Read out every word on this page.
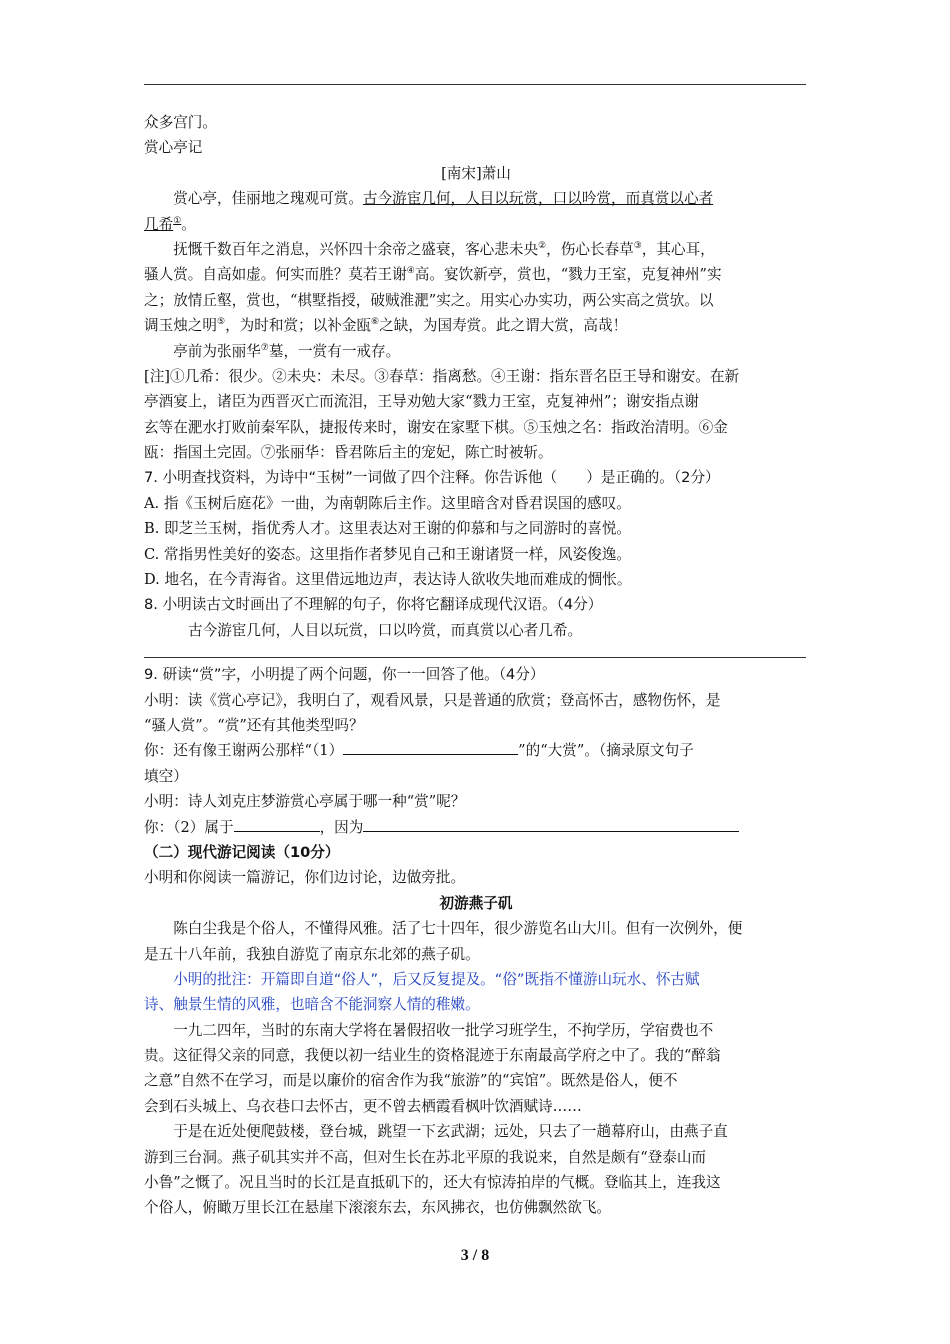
众多宫门。
赏心亭记
[南宋]萧山
赏心亭，佳丽地之瑰观可赏。古今游宦几何，人目以玩赏，口以吟赏，而真赏以心者
几希①。
抚慨千数百年之消息，兴怀四十余帝之盛衰，客心悲未央②，伤心长春草③，其心耳，
骚人赏。自高如虚。何实而胜？莫若王谢④高。宴饮新亭，赏也，“戮力王室，克复神州”实
之；放情丘壑，赏也，“棋墅指授，破贼淮淝”实之。用实心办实功，两公实高之赏欤。以
调玉烛之明⑤，为时和赏；以补金瓯⑥之缺，为国寿赏。此之谓大赏，高哉！
亭前为张丽华⑦墓，一赏有一戒存。
[注]①几希：很少。②未央：未尽。③春草：指离愁。④王谢：指东晋名臣王导和谢安。在新
亭酒宴上，诸臣为西晋灭亡而流泪，王导劝勉大家“戮力王室，克复神州”；谢安指点谢
玄等在淝水打败前秦军队，捷报传来时，谢安在家墅下棋。⑤玉烛之名：指政治清明。⑥金
瓯：指国土完固。⑦张丽华：昏君陈后主的宠妃，陈亡时被斩。
7. 小明查找资料，为诗中“玉树”一词做了四个注释。你告诉他（　　）是正确的。（2分）
A. 指《玉树后庭花》一曲，为南朝陈后主作。这里暗含对昏君误国的感叹。
B. 即芝兰玉树，指优秀人才。这里表达对王谢的仰慕和与之同游时的喜悦。
C. 常指男性美好的姿态。这里指作者梦见自己和王谢诸贤一样，风姿俊逸。
D. 地名，在今青海省。这里借远地边声，表达诗人欲收失地而难成的惆怅。
8. 小明读古文时画出了不理解的句子，你将它翻译成现代汉语。（4分）
古今游宦几何，人目以玩赏，口以吟赏，而真赏以心者几希。
9. 研读“赏”字，小明提了两个问题，你一一回答了他。（4分）
小明：读《赏心亭记》，我明白了，观看风景，只是普通的欣赏；登高怀古，感物伤怀，是
“骚人赏”。“赏”还有其他类型吗？
你：还有像王谢两公那样“（1）	”的“大赏”。（摘录原文句子
填空）
小明：诗人刘克庄梦游赏心亭属于哪一种“赏”呢？
你：（2）属于	，因为
（二）现代游记阅读（10分）
小明和你阅读一篇游记，你们边讨论，边做旁批。
初游燕子矶
陈白尘我是个俗人，不懂得风雅。活了七十四年，很少游览名山大川。但有一次例外，便
是五十八年前，我独自游览了南京东北郊的燕子矶。
小明的批注：开篇即自道“俗人”，后又反复提及。“俗”既指不懂游山玩水、怀古赋
诗、触景生情的风雅，也暗含不能洞察人情的稚嫩。
一九二四年，当时的东南大学将在暑假招收一批学习班学生，不拘学历，学宿费也不
贵。这征得父亲的同意，我便以初一结业生的资格混迹于东南最高学府之中了。我的“醉翁
之意”自然不在学习，而是以廉价的宿舍作为我“旅游”的“宾馆”。既然是俗人，便不
会到石头城上、乌衣巷口去怀古，更不曾去栖霞看枫叶饮酒赋诗……
于是在近处便爬鼓楼，登台城，跳望一下玄武湖；远处，只去了一趟幕府山，由燕子直
游到三台洞。燕子矶其实并不高，但对生长在苏北平原的我说来，自然是颇有“登泰山而
小鲁”之慨了。况且当时的长江是直抵矶下的，还大有惊涛拍岸的气概。登临其上，连我这
个俗人，俯瞰万里长江在悬崖下滚滚东去，东风拂衣，也仿佛飘然欲飞。
3 / 8
